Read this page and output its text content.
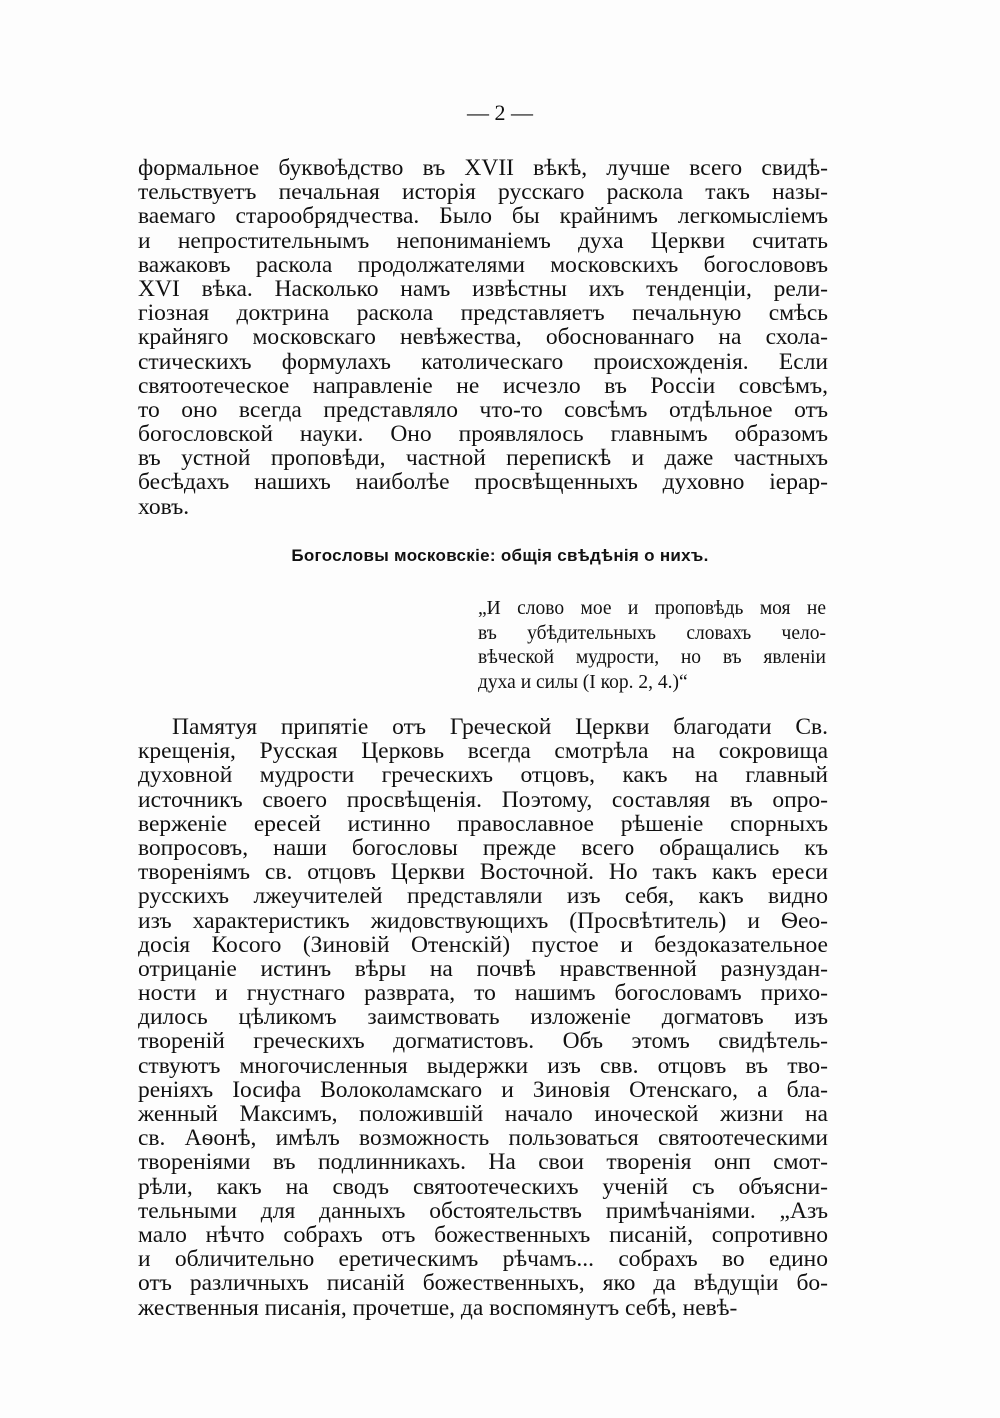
— 2 —
формальное буквоѣдство въ XVII вѣкѣ, лучше всего свидѣ-
тельствуетъ печальная исторія русскаго раскола такъ назы-
ваемаго старообрядчества. Было бы крайнимъ легкомысліемъ
и непростительнымъ непониманіемъ духа Церкви считать
важаковъ раскола продолжателями московскихъ богослововъ
XVI вѣка. Насколько намъ извѣстны ихъ тенденціи, рели-
гіозная доктрина раскола представляетъ печальную смѣсь
крайняго московскаго невѣжества, обоснованнаго на схола-
стическихъ формулахъ католическаго происхожденія. Если
святоотеческое направленіе не исчезло въ Россіи совсѣмъ,
то оно всегда представляло что-то совсѣмъ отдѣльное отъ
богословской науки. Оно проявлялось главнымъ образомъ
въ устной проповѣди, частной перепискѣ и даже частныхъ
бесѣдахъ нашихъ наиболѣе просвѣщенныхъ духовно іерар-
ховъ.
Богословы московскіе: общія свѣдѣнія о нихъ.
„И слово мое и проповѣдь моя не
въ убѣдительныхъ словахъ чело-
вѣческой мудрости, но въ явленіи
духа и силы (I кор. 2, 4.)“
Памятуя припятіе отъ Греческой Церкви благодати Св.
крещенія, Русская Церковь всегда смотрѣла на сокровища
духовной мудрости греческихъ отцовъ, какъ на главный
источникъ своего просвѣщенія. Поэтому, составляя въ опро-
верженіе ересей истинно православное рѣшеніе спорныхъ
вопросовъ, наши богословы прежде всего обращались къ
твореніямъ св. отцовъ Церкви Восточной. Но такъ какъ ереси
русскихъ лжеучителей представляли изъ себя, какъ видно
изъ характеристикъ жидовствующихъ (Просвѣтитель) и Ѳео-
досія Косого (Зиновій Отенскій) пустое и бездоказательное
отрицаніе истинъ вѣры на почвѣ нравственной разнуздан-
ности и гнустнаго разврата, то нашимъ богословамъ прихо-
дилось цѣликомъ заимствовать изложеніе догматовъ изъ
твореній греческихъ догматистовъ. Объ этомъ свидѣтель-
ствуютъ многочисленныя выдержки изъ свв. отцовъ въ тво-
реніяхъ Іосифа Волоколамскаго и Зиновія Отенскаго, а бла-
женный Максимъ, положившій начало иноческой жизни на
св. Аѳонѣ, имѣлъ возможность пользоваться святоотеческими
твореніями въ подлинникахъ. На свои творенія онп смот-
рѣли, какъ на сводъ святоотеческихъ ученій съ объясни-
тельными для данныхъ обстоятельствъ примѣчаніями. „Азъ
мало нѣчто собрахъ отъ божественныхъ писаній, сопротивно
и обличительно еретическимъ рѣчамъ... собрахъ во едино
отъ различныхъ писаній божественныхъ, яко да вѣдущіи бо-
жественныя писанія, прочетше, да воспомянутъ себѣ, невѣ-
